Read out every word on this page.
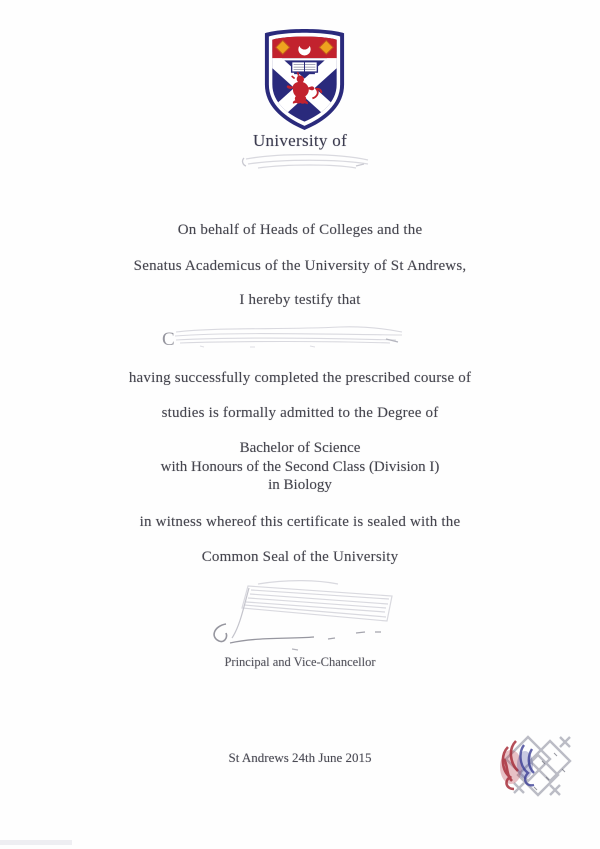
University of
On behalf of Heads of Colleges and the
Senatus Academicus of the University of St Andrews,
I hereby testify that
C
having successfully completed the prescribed course of
studies is formally admitted to the Degree of
Bachelor of Science
with Honours of the Second Class (Division I)
in Biology
in witness whereof this certificate is sealed with the
Common Seal of the University
Principal and Vice-Chancellor
St Andrews 24th June 2015
